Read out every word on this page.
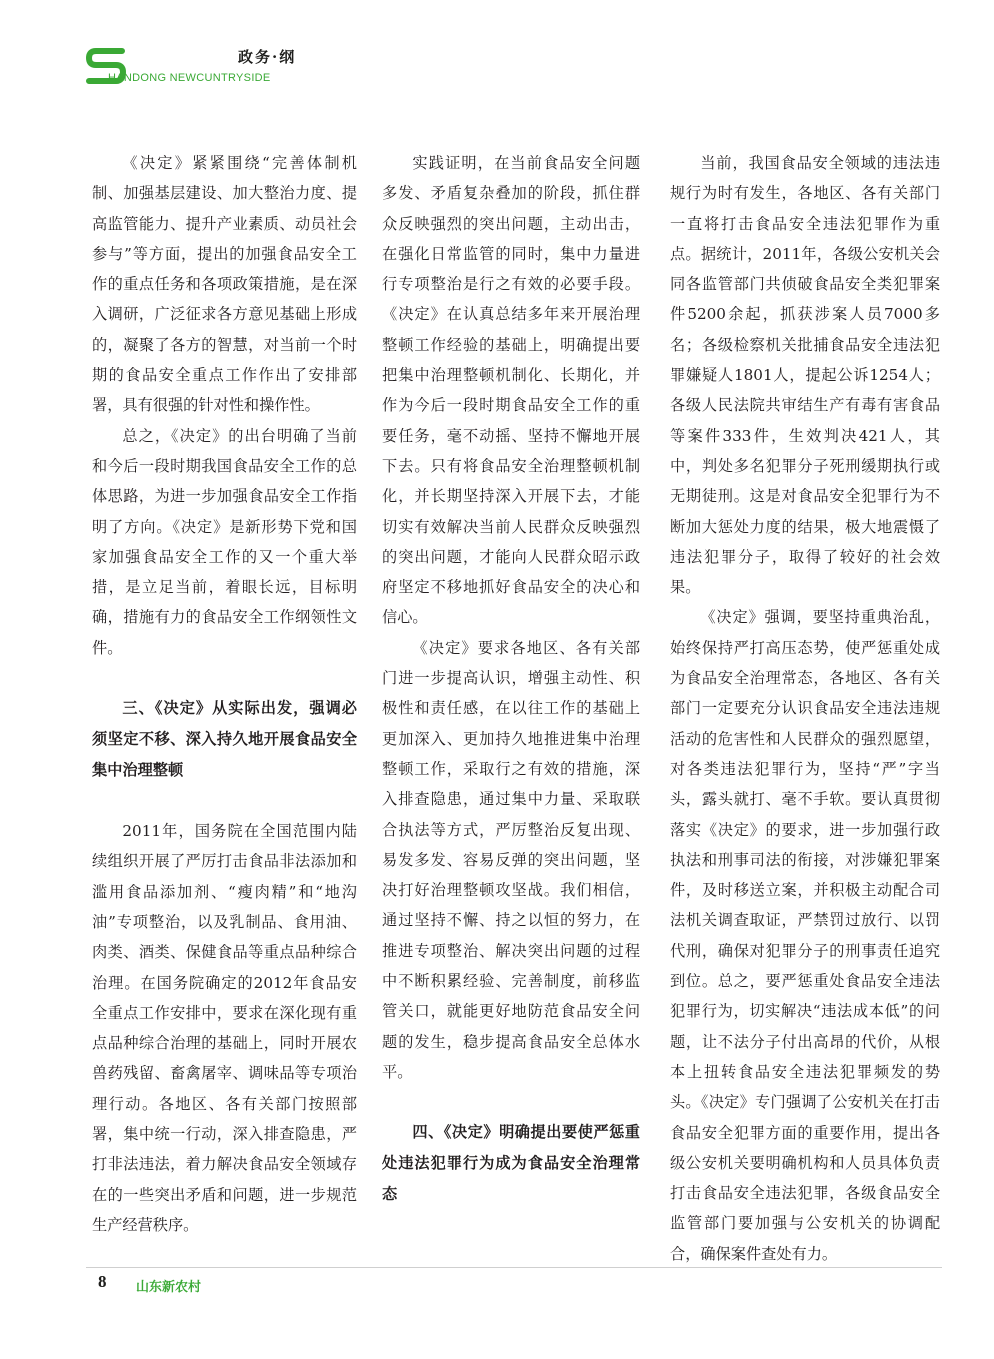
政务·纲
HANDONG NEWCUNTRYSIDE

《决定》紧紧围绕“完善体制机制、加强基层建设、加大整治力度、提高监管能力、提升产业素质、动员社会参与”等方面，提出的加强食品安全工作的重点任务和各项政策措施，是在深入调研，广泛征求各方意见基础上形成的，凝聚了各方的智慧，对当前一个时期的食品安全重点工作作出了安排部署，具有很强的针对性和操作性。

总之，《决定》的出台明确了当前和今后一段时期我国食品安全工作的总体思路，为进一步加强食品安全工作指明了方向。《决定》是新形势下党和国家加强食品安全工作的又一个重大举措，是立足当前，着眼长远，目标明确，措施有力的食品安全工作纲领性文件。

三、《决定》从实际出发，强调必须坚定不移、深入持久地开展食品安全集中治理整顿

2011年，国务院在全国范围内陆续组织开展了严厉打击食品非法添加和滥用食品添加剂、“瘦肉精”和“地沟油”专项整治，以及乳制品、食用油、肉类、酒类、保健食品等重点品种综合治理。在国务院确定的2012年食品安全重点工作安排中，要求在深化现有重点品种综合治理的基础上，同时开展农兽药残留、畜禽屠宰、调味品等专项治理行动。各地区、各有关部门按照部署，集中统一行动，深入排查隐患，严打非法违法，着力解决食品安全领域存在的一些突出矛盾和问题，进一步规范生产经营秩序。

实践证明，在当前食品安全问题多发、矛盾复杂叠加的阶段，抓住群众反映强烈的突出问题，主动出击，在强化日常监管的同时，集中力量进行专项整治是行之有效的必要手段。《决定》在认真总结多年来开展治理整顿工作经验的基础上，明确提出要把集中治理整顿机制化、长期化，并作为今后一段时期食品安全工作的重要任务，毫不动摇、坚持不懈地开展下去。只有将食品安全治理整顿机制化，并长期坚持深入开展下去，才能切实有效解决当前人民群众反映强烈的突出问题，才能向人民群众昭示政府坚定不移地抓好食品安全的决心和信心。

《决定》要求各地区、各有关部门进一步提高认识，增强主动性、积极性和责任感，在以往工作的基础上更加深入、更加持久地推进集中治理整顿工作，采取行之有效的措施，深入排查隐患，通过集中力量、采取联合执法等方式，严厉整治反复出现、易发多发、容易反弹的突出问题，坚决打好治理整顿攻坚战。我们相信，通过坚持不懈、持之以恒的努力，在推进专项整治、解决突出问题的过程中不断积累经验、完善制度，前移监管关口，就能更好地防范食品安全问题的发生，稳步提高食品安全总体水平。

四、《决定》明确提出要使严惩重处违法犯罪行为成为食品安全治理常态

当前，我国食品安全领域的违法违规行为时有发生，各地区、各有关部门一直将打击食品安全违法犯罪作为重点。据统计，2011年，各级公安机关会同各监管部门共侦破食品安全类犯罪案件5200余起，抓获涉案人员7000多名；各级检察机关批捕食品安全违法犯罪嫌疑人1801人，提起公诉1254人；各级人民法院共审结生产有毒有害食品等案件333件，生效判决421人，其中，判处多名犯罪分子死刑缓期执行或无期徒刑。这是对食品安全犯罪行为不断加大惩处力度的结果，极大地震慑了违法犯罪分子，取得了较好的社会效果。

《决定》强调，要坚持重典治乱，始终保持严打高压态势，使严惩重处成为食品安全治理常态，各地区、各有关部门一定要充分认识食品安全违法违规活动的危害性和人民群众的强烈愿望，对各类违法犯罪行为，坚持“严”字当头，露头就打、毫不手软。要认真贯彻落实《决定》的要求，进一步加强行政执法和刑事司法的衔接，对涉嫌犯罪案件，及时移送立案，并积极主动配合司法机关调查取证，严禁罚过放行、以罚代刑，确保对犯罪分子的刑事责任追究到位。总之，要严惩重处食品安全违法犯罪行为，切实解决“违法成本低”的问题，让不法分子付出高昂的代价，从根本上扭转食品安全违法犯罪频发的势头。《决定》专门强调了公安机关在打击食品安全犯罪方面的重要作用，提出各级公安机关要明确机构和人员具体负责打击食品安全违法犯罪，各级食品安全监管部门要加强与公安机关的协调配合，确保案件查处有力。

8 山东新农村
